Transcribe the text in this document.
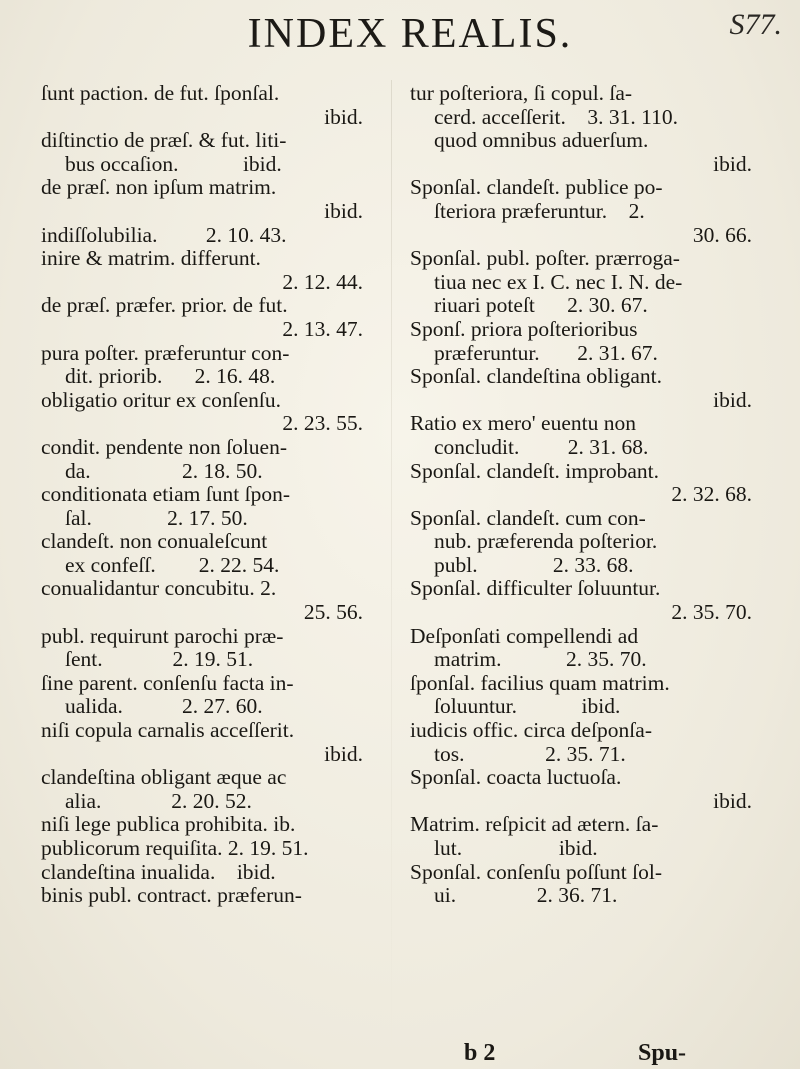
INDEX REALIS.	S77.
ſunt paction. de fut. ſponſal.
ibid.
diſtinctio de præſ. & fut. liti-
bus occaſion.            ibid.
de præſ. non ipſum matrim.
ibid.
indiſſolubilia.         2. 10. 43.
inire & matrim. differunt.
2. 12. 44.
de præſ. præfer. prior. de fut.
2. 13. 47.
pura poſter. præferuntur con-
dit. priorib.      2. 16. 48.
obligatio oritur ex conſenſu.
2. 23. 55.
condit. pendente non ſoluen-
da.                 2. 18. 50.
conditionata etiam ſunt ſpon-
ſal.              2. 17. 50.
clandeſt. non conualeſcunt
ex confeſſ.        2. 22. 54.
conualidantur concubitu. 2.
25. 56.
publ. requirunt parochi præ-
ſent.             2. 19. 51.
ſine parent. conſenſu facta in-
ualida.           2. 27. 60.
niſi copula carnalis acceſſerit.
ibid.
clandeſtina obligant æque ac
alia.             2. 20. 52.
niſi lege publica prohibita. ib.
publicorum requiſita. 2. 19. 51.
clandeſtina inualida.    ibid.
binis publ. contract. præferun-
tur poſteriora, ſi copul. ſa-
cerd. acceſſerit.    3. 31. 110.
quod omnibus aduerſum.
ibid.
Sponſal. clandeſt. publice po-
ſteriora præferuntur.    2.
30. 66.
Sponſal. publ. poſter. prærroga-
tiua nec ex I. C. nec I. N. de-
riuari poteſt      2. 30. 67.
Sponſ. priora poſterioribus
præferuntur.       2. 31. 67.
Sponſal. clandeſtina obligant.
ibid.
Ratio ex mero' euentu non
concludit.         2. 31. 68.
Sponſal. clandeſt. improbant.
2. 32. 68.
Sponſal. clandeſt. cum con-
nub. præferenda poſterior.
publ.              2. 33. 68.
Sponſal. difficulter ſoluuntur.
2. 35. 70.
Deſponſati compellendi ad
matrim.            2. 35. 70.
ſponſal. facilius quam matrim.
ſoluuntur.            ibid.
iudicis offic. circa deſponſa-
tos.               2. 35. 71.
Sponſal. coacta luctuoſa.
ibid.
Matrim. reſpicit ad ætern. ſa-
lut.                  ibid.
Sponſal. conſenſu poſſunt ſol-
ui.               2. 36. 71.
b 2	Spu-
